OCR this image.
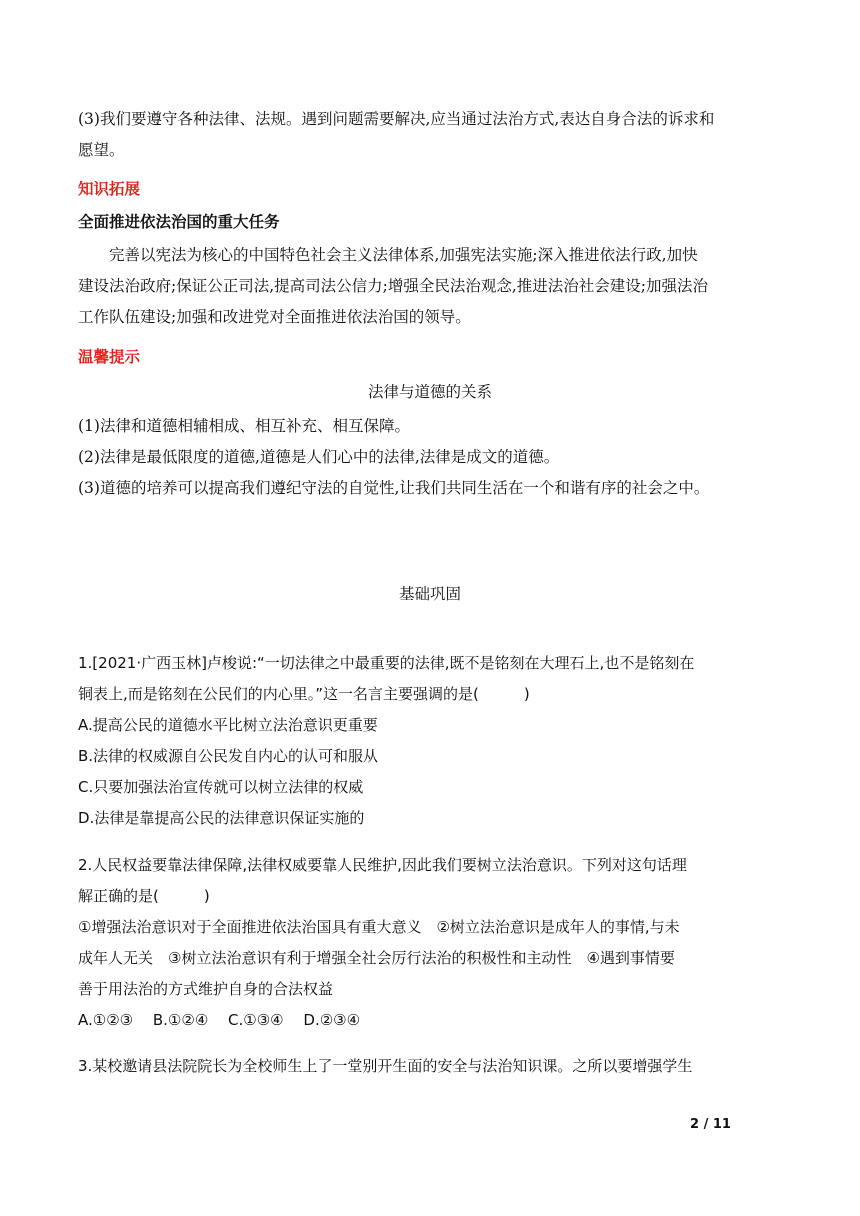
(3)我们要遵守各种法律、法规。遇到问题需要解决,应当通过法治方式,表达自身合法的诉求和
愿望。
知识拓展
全面推进依法治国的重大任务
完善以宪法为核心的中国特色社会主义法律体系,加强宪法实施;深入推进依法行政,加快
建设法治政府;保证公正司法,提高司法公信力;增强全民法治观念,推进法治社会建设;加强法治
工作队伍建设;加强和改进党对全面推进依法治国的领导。
温馨提示
法律与道德的关系
(1)法律和道德相辅相成、相互补充、相互保障。
(2)法律是最低限度的道德,道德是人们心中的法律,法律是成文的道德。
(3)道德的培养可以提高我们遵纪守法的自觉性,让我们共同生活在一个和谐有序的社会之中。
基础巩固
1.[2021·广西玉林]卢梭说:“一切法律之中最重要的法律,既不是铭刻在大理石上,也不是铭刻在
铜表上,而是铭刻在公民们的内心里。”这一名言主要强调的是(　　　)
A.提高公民的道德水平比树立法治意识更重要
B.法律的权威源自公民发自内心的认可和服从
C.只要加强法治宣传就可以树立法律的权威
D.法律是靠提高公民的法律意识保证实施的
2.人民权益要靠法律保障,法律权威要靠人民维护,因此我们要树立法治意识。下列对这句话理
解正确的是(　　　)
①增强法治意识对于全面推进依法治国具有重大意义　②树立法治意识是成年人的事情,与未
成年人无关　③树立法治意识有利于增强全社会厉行法治的积极性和主动性　④遇到事情要
善于用法治的方式维护自身的合法权益
A.①②③　 B.①②④　 C.①③④　 D.②③④
3.某校邀请县法院院长为全校师生上了一堂别开生面的安全与法治知识课。之所以要增强学生
2 / 11
